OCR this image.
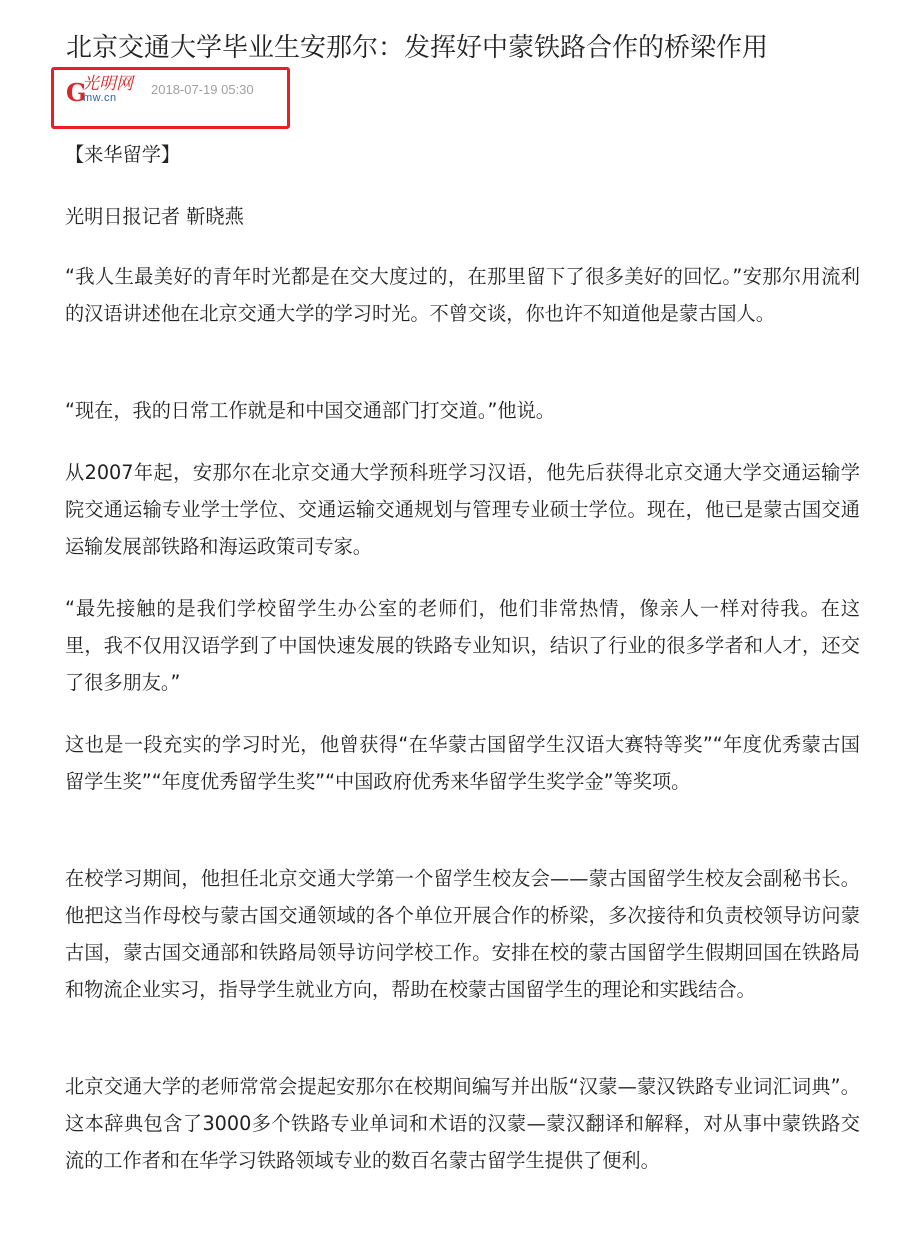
北京交通大学毕业生安那尔：发挥好中蒙铁路合作的桥梁作用
G
光明网
mw.cn
2018-07-19 05:30

【来华留学】

光明日报记者 靳晓燕

“我人生最美好的青年时光都是在交大度过的，在那里留下了很多美好的回忆。”安那尔用流利的汉语讲述他在北京交通大学的学习时光。不曾交谈，你也许不知道他是蒙古国人。

“现在，我的日常工作就是和中国交通部门打交道。”他说。

从2007年起，安那尔在北京交通大学预科班学习汉语，他先后获得北京交通大学交通运输学院交通运输专业学士学位、交通运输交通规划与管理专业硕士学位。现在，他已是蒙古国交通运输发展部铁路和海运政策司专家。

“最先接触的是我们学校留学生办公室的老师们，他们非常热情，像亲人一样对待我。在这里，我不仅用汉语学到了中国快速发展的铁路专业知识，结识了行业的很多学者和人才，还交了很多朋友。”

这也是一段充实的学习时光，他曾获得“在华蒙古国留学生汉语大赛特等奖”“年度优秀蒙古国留学生奖”“年度优秀留学生奖”“中国政府优秀来华留学生奖学金”等奖项。

在校学习期间，他担任北京交通大学第一个留学生校友会——蒙古国留学生校友会副秘书长。他把这当作母校与蒙古国交通领域的各个单位开展合作的桥梁，多次接待和负责校领导访问蒙古国，蒙古国交通部和铁路局领导访问学校工作。安排在校的蒙古国留学生假期回国在铁路局和物流企业实习，指导学生就业方向，帮助在校蒙古国留学生的理论和实践结合。

北京交通大学的老师常常会提起安那尔在校期间编写并出版“汉蒙—蒙汉铁路专业词汇词典”。这本辞典包含了3000多个铁路专业单词和术语的汉蒙—蒙汉翻译和解释，对从事中蒙铁路交流的工作者和在华学习铁路领域专业的数百名蒙古留学生提供了便利。
